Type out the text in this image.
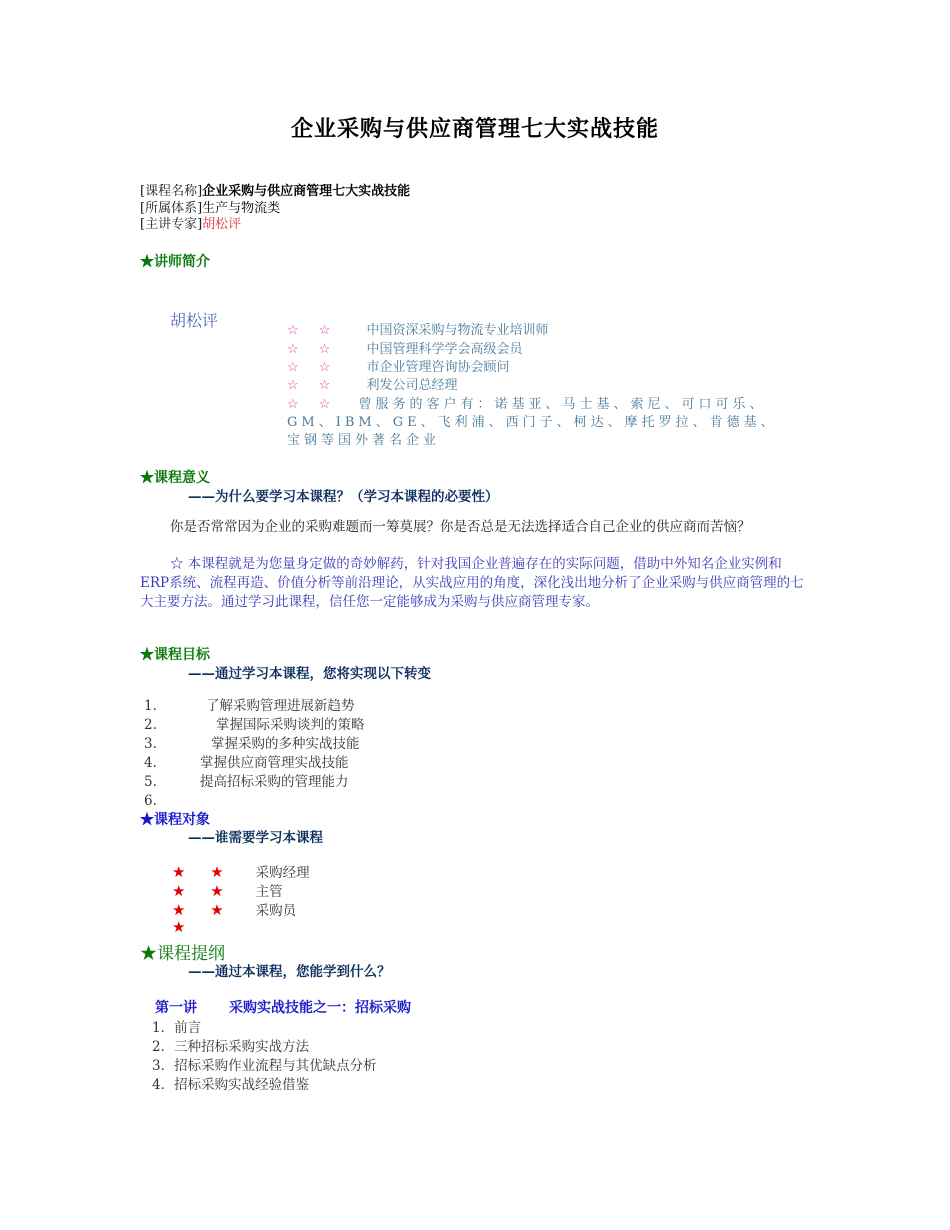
企业采购与供应商管理七大实战技能
[课程名称]企业采购与供应商管理七大实战技能
[所属体系]生产与物流类
[主讲专家]胡松评
★讲师简介
胡松评
☆ ☆ 中国资深采购与物流专业培训师
☆ ☆ 中国管理科学学会高级会员
☆ ☆ 市企业管理咨询协会顾问
☆ ☆ 利发公司总经理
☆ ☆ 曾服务的客户有：诺基亚、马士基、索尼、可口可乐、GM、IBM、GE、飞利浦、西门子、柯达、摩托罗拉、肯德基、宝钢等国外著名企业
★课程意义
——为什么要学习本课程？（学习本课程的必要性）
你是否常常因为企业的采购难题而一筹莫展？你是否总是无法选择适合自己企业的供应商而苦恼？
☆ 本课程就是为您量身定做的奇妙解药，针对我国企业普遍存在的实际问题，借助中外知名企业实例和ERP系统、流程再造、价值分析等前沿理论，从实战应用的角度，深化浅出地分析了企业采购与供应商管理的七大主要方法。通过学习此课程，信任您一定能够成为采购与供应商管理专家。
★课程目标
——通过学习本课程，您将实现以下转变
1.	了解采购管理进展新趋势
2.	掌握国际采购谈判的策略
3.	掌握采购的多种实战技能
4.	掌握供应商管理实战技能
5.	提高招标采购的管理能力
6.
★课程对象
——谁需要学习本课程
★ ★ 采购经理
★ ★ 主管
★ ★ 采购员
★
★课程提纲
——通过本课程，您能学到什么？
第一讲 采购实战技能之一：招标采购
1．前言
2．三种招标采购实战方法
3．招标采购作业流程与其优缺点分析
4．招标采购实战经验借鉴
